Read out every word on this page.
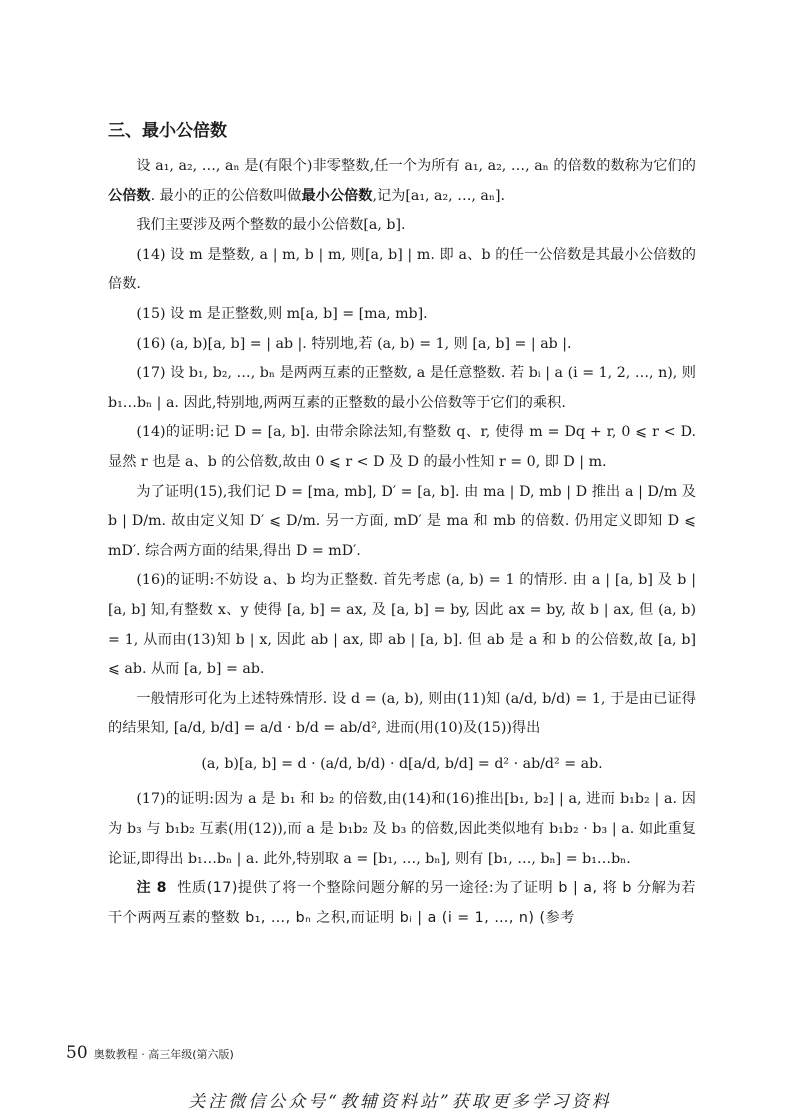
三、最小公倍数

设 a₁, a₂, …, aₙ 是(有限个)非零整数,任一个为所有 a₁, a₂, …, aₙ 的倍数的数称为它们的公倍数. 最小的正的公倍数叫做最小公倍数,记为[a₁, a₂, …, aₙ].

我们主要涉及两个整数的最小公倍数[a, b].

(14) 设 m 是整数, a | m, b | m, 则[a, b] | m. 即 a、b 的任一公倍数是其最小公倍数的倍数.

(15) 设 m 是正整数,则 m[a, b] = [ma, mb].

(16) (a, b)[a, b] = | ab |. 特别地,若 (a, b) = 1, 则 [a, b] = | ab |.

(17) 设 b₁, b₂, …, bₙ 是两两互素的正整数, a 是任意整数. 若 bᵢ | a (i = 1, 2, …, n), 则 b₁…bₙ | a. 因此,特别地,两两互素的正整数的最小公倍数等于它们的乘积.

(14)的证明:记 D = [a, b]. 由带余除法知,有整数 q、r, 使得 m = Dq + r, 0 ⩽ r < D. 显然 r 也是 a、b 的公倍数,故由 0 ⩽ r < D 及 D 的最小性知 r = 0, 即 D | m.

为了证明(15),我们记 D = [ma, mb], D′ = [a, b]. 由 ma | D, mb | D 推出 a | D/m 及 b | D/m. 故由定义知 D′ ⩽ D/m. 另一方面, mD′ 是 ma 和 mb 的倍数. 仍用定义即知 D ⩽ mD′. 综合两方面的结果,得出 D = mD′.

(16)的证明:不妨设 a、b 均为正整数. 首先考虑 (a, b) = 1 的情形. 由 a | [a, b] 及 b | [a, b] 知,有整数 x、y 使得 [a, b] = ax, 及 [a, b] = by, 因此 ax = by, 故 b | ax, 但 (a, b) = 1, 从而由(13)知 b | x, 因此 ab | ax, 即 ab | [a, b]. 但 ab 是 a 和 b 的公倍数,故 [a, b] ⩽ ab. 从而 [a, b] = ab.

一般情形可化为上述特殊情形. 设 d = (a, b), 则由(11)知 (a/d, b/d) = 1, 于是由已证得的结果知, [a/d, b/d] = a/d · b/d = ab/d², 进而(用(10)及(15))得出

(a, b)[a, b] = d · (a/d, b/d) · d[a/d, b/d] = d² · ab/d² = ab.

(17)的证明:因为 a 是 b₁ 和 b₂ 的倍数,由(14)和(16)推出[b₁, b₂] | a, 进而 b₁b₂ | a. 因为 b₃ 与 b₁b₂ 互素(用(12)),而 a 是 b₁b₂ 及 b₃ 的倍数,因此类似地有 b₁b₂ · b₃ | a. 如此重复论证,即得出 b₁…bₙ | a. 此外,特别取 a = [b₁, …, bₙ], 则有 [b₁, …, bₙ] = b₁…bₙ.

注 8 性质(17)提供了将一个整除问题分解的另一途径:为了证明 b | a, 将 b 分解为若干个两两互素的整数 b₁, …, bₙ 之积,而证明 bᵢ | a (i = 1, …, n) (参考

50 奥数教程 · 高三年级(第六版)
关注微信公众号“教辅资料站”获取更多学习资料
